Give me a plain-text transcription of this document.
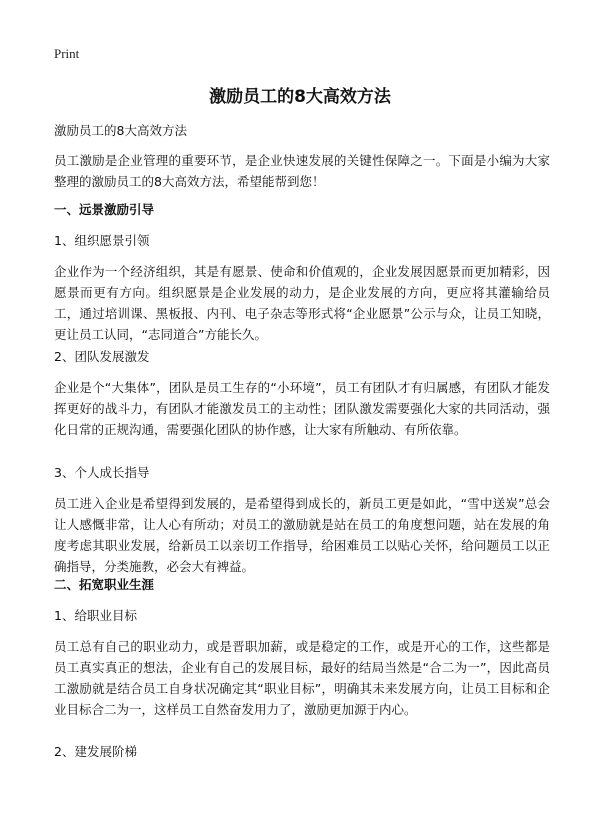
Print
激励员工的8大高效方法
激励员工的8大高效方法
员工激励是企业管理的重要环节，是企业快速发展的关键性保障之一。下面是小编为大家整理的激励员工的8大高效方法，希望能帮到您！
一、远景激励引导
1、组织愿景引领
企业作为一个经济组织，其是有愿景、使命和价值观的，企业发展因愿景而更加精彩，因愿景而更有方向。组织愿景是企业发展的动力，是企业发展的方向，更应将其灌输给员工，通过培训课、黑板报、内刊、电子杂志等形式将“企业愿景”公示与众，让员工知晓，更让员工认同，“志同道合”方能长久。
2、团队发展激发
企业是个“大集体”，团队是员工生存的“小环境”，员工有团队才有归属感，有团队才能发挥更好的战斗力，有团队才能激发员工的主动性；团队激发需要强化大家的共同活动，强化日常的正规沟通，需要强化团队的协作感，让大家有所触动、有所依靠。
3、个人成长指导
员工进入企业是希望得到发展的，是希望得到成长的，新员工更是如此，“雪中送炭”总会让人感慨非常，让人心有所动；对员工的激励就是站在员工的角度想问题，站在发展的角度考虑其职业发展，给新员工以亲切工作指导，给困难员工以贴心关怀，给问题员工以正确指导，分类施教，必会大有裨益。
二、拓宽职业生涯
1、给职业目标
员工总有自己的职业动力，或是晋职加薪，或是稳定的工作，或是开心的工作，这些都是员工真实真正的想法，企业有自己的发展目标，最好的结局当然是“合二为一”，因此高员工激励就是结合员工自身状况确定其“职业目标”，明确其未来发展方向，让员工目标和企业目标合二为一，这样员工自然奋发用力了，激励更加源于内心。
2、建发展阶梯
